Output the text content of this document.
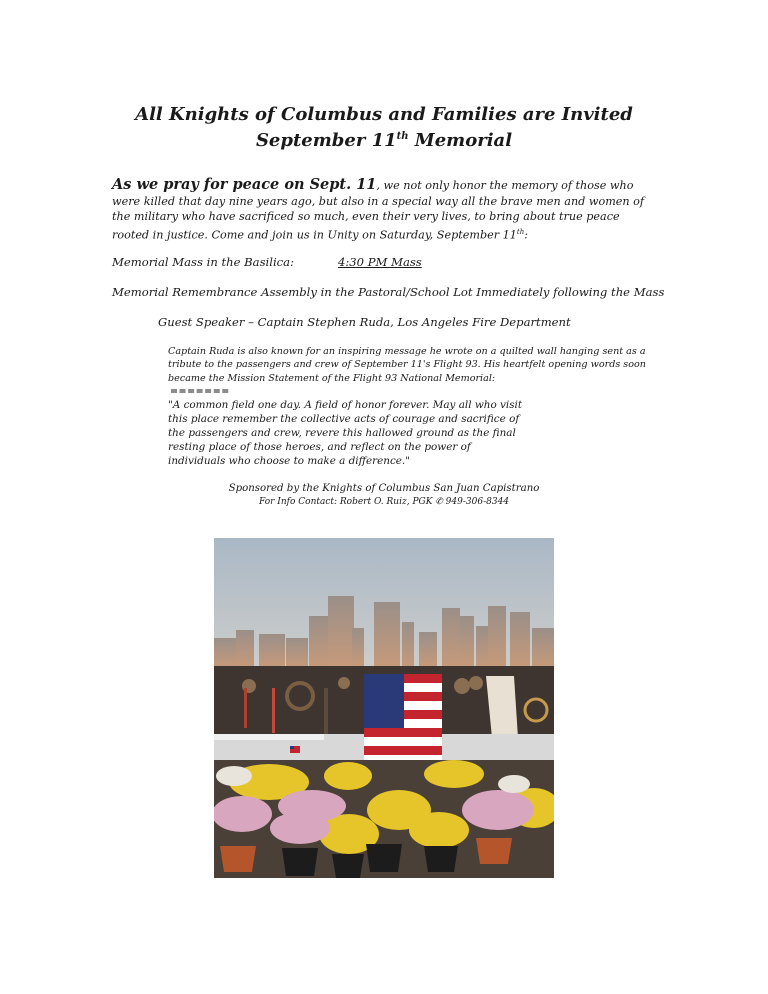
All Knights of Columbus and Families are Invited
September 11th Memorial
As we pray for peace on Sept. 11, we not only honor the memory of those who were killed that day nine years ago, but also in a special way all the brave men and women of the military who have sacrificed so much, even their very lives, to bring about true peace rooted in justice. Come and join us in Unity on Saturday, September 11th:
Memorial Mass in the Basilica:	4:30 PM Mass
Memorial Remembrance Assembly in the Pastoral/School Lot Immediately following the Mass
Guest Speaker – Captain Stephen Ruda, Los Angeles Fire Department
Captain Ruda is also known for an inspiring message he wrote on a quilted wall hanging sent as a tribute to the passengers and crew of September 11's Flight 93. His heartfelt opening words soon became the Mission Statement of the Flight 93 National Memorial:
=======
"A common field one day. A field of honor forever. May all who visit this place remember the collective acts of courage and sacrifice of the passengers and crew, revere this hallowed ground as the final resting place of those heroes, and reflect on the power of individuals who choose to make a difference."
Sponsored by the Knights of Columbus San Juan Capistrano
For Info Contact: Robert O. Ruiz, PGK ✆ 949-306-8344
